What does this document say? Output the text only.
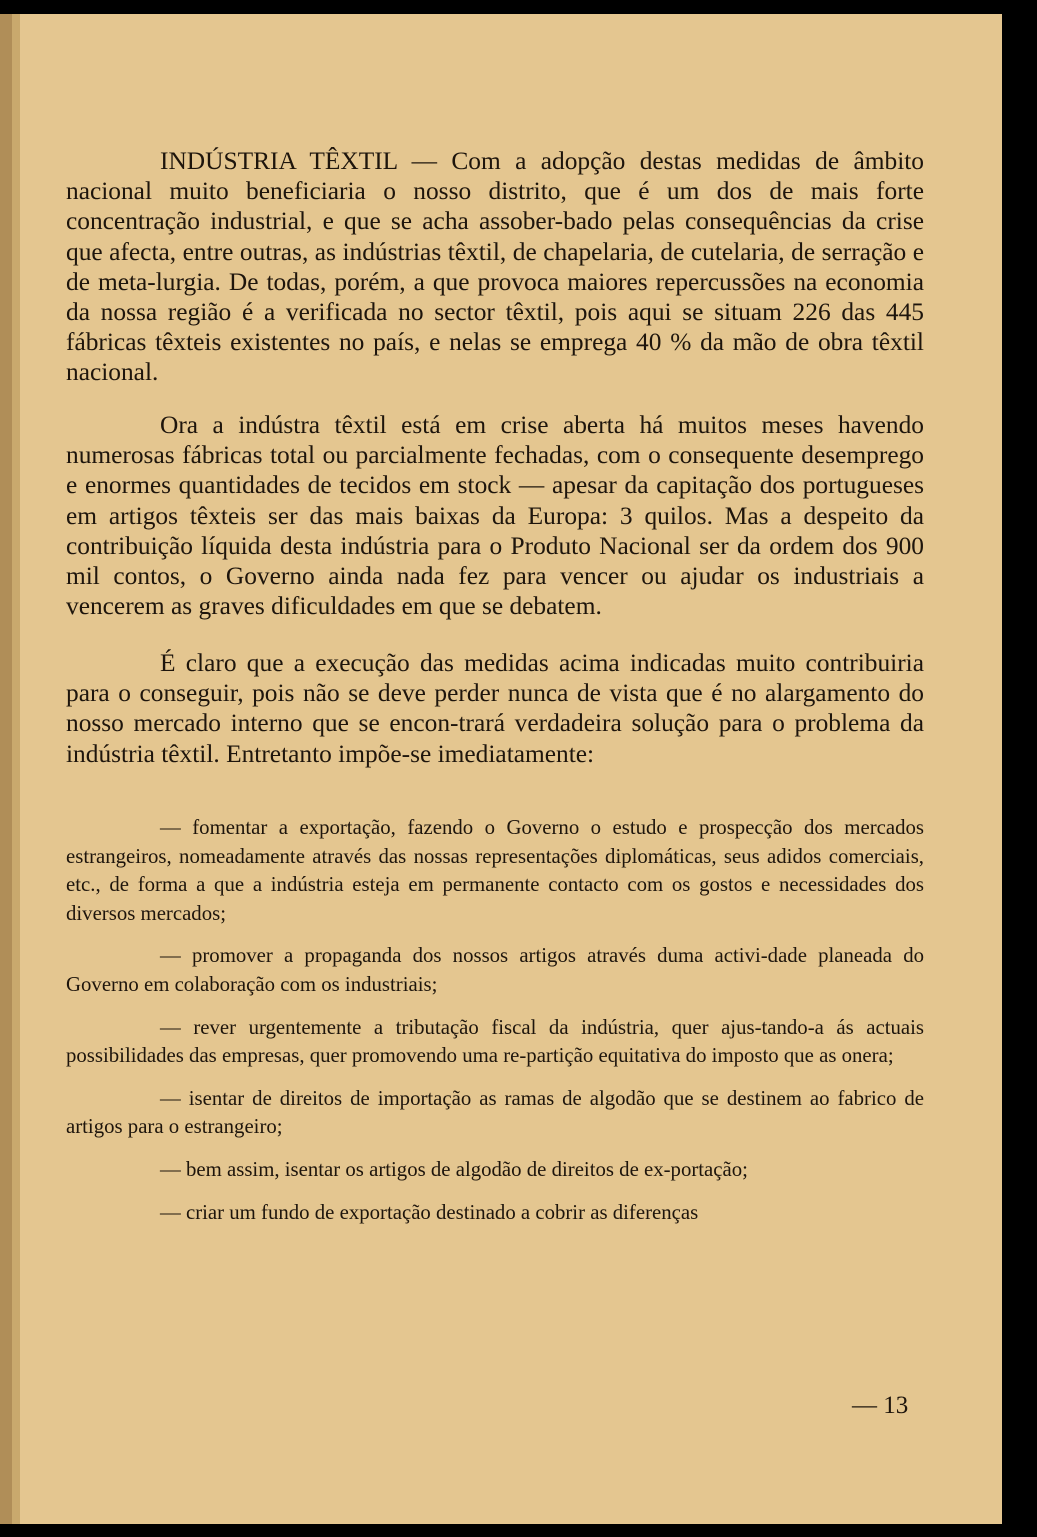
INDÚSTRIA TÊXTIL — Com a adopção destas medidas de âmbito nacional muito beneficiaria o nosso distrito, que é um dos de mais forte concentração industrial, e que se acha assober-bado pelas consequências da crise que afecta, entre outras, as indústrias têxtil, de chapelaria, de cutelaria, de serração e de meta-lurgia. De todas, porém, a que provoca maiores repercussões na economia da nossa região é a verificada no sector têxtil, pois aqui se situam 226 das 445 fábricas têxteis existentes no país, e nelas se emprega 40 % da mão de obra têxtil nacional.

Ora a indústra têxtil está em crise aberta há muitos meses havendo numerosas fábricas total ou parcialmente fechadas, com o consequente desemprego e enormes quantidades de tecidos em stock — apesar da capitação dos portugueses em artigos têxteis ser das mais baixas da Europa: 3 quilos. Mas a despeito da contribuição líquida desta indústria para o Produto Nacional ser da ordem dos 900 mil contos, o Governo ainda nada fez para vencer ou ajudar os industriais a vencerem as graves dificuldades em que se debatem.

É claro que a execução das medidas acima indicadas muito contribuiria para o conseguir, pois não se deve perder nunca de vista que é no alargamento do nosso mercado interno que se encon-trará verdadeira solução para o problema da indústria têxtil. Entretanto impõe-se imediatamente:

— fomentar a exportação, fazendo o Governo o estudo e prospecção dos mercados estrangeiros, nomeadamente através das nossas representações diplomáticas, seus adidos comerciais, etc., de forma a que a indústria esteja em permanente contacto com os gostos e necessidades dos diversos mercados;

— promover a propaganda dos nossos artigos através duma activi-dade planeada do Governo em colaboração com os industriais;

— rever urgentemente a tributação fiscal da indústria, quer ajus-tando-a ás actuais possibilidades das empresas, quer promovendo uma re-partição equitativa do imposto que as onera;

— isentar de direitos de importação as ramas de algodão que se destinem ao fabrico de artigos para o estrangeiro;

— bem assim, isentar os artigos de algodão de direitos de ex-portação;

— criar um fundo de exportação destinado a cobrir as diferenças

— 13
